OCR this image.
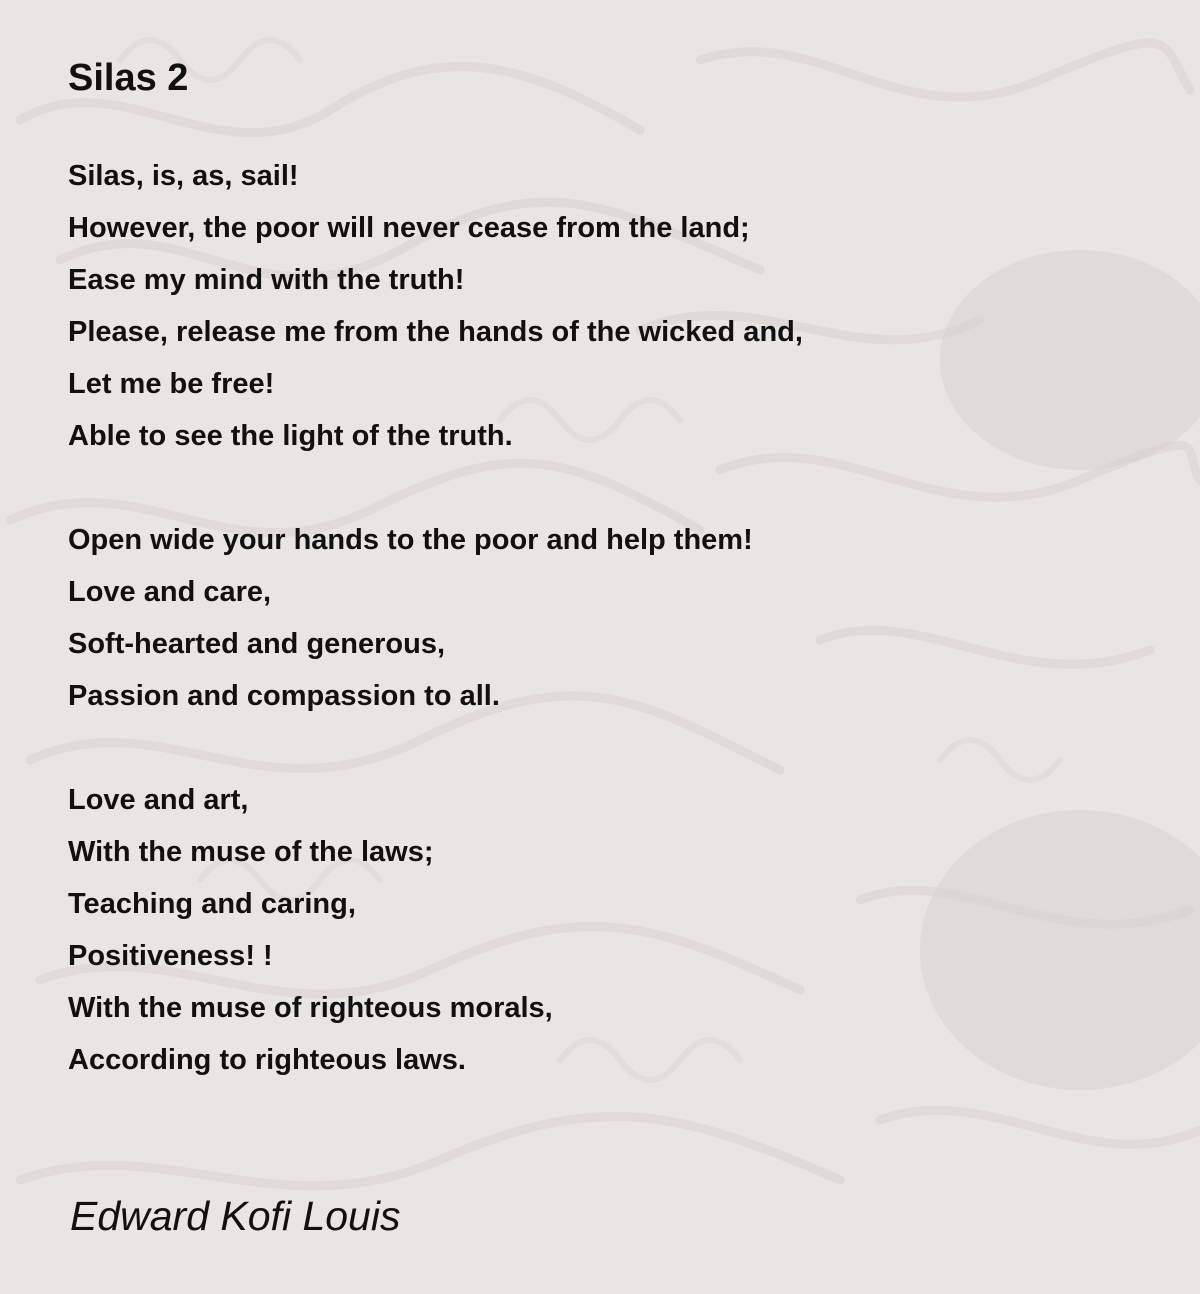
Silas 2
Silas, is, as, sail!
However, the poor will never cease from the land;
Ease my mind with the truth!
Please, release me from the hands of the wicked and,
Let me be free!
Able to see the light of the truth.
Open wide your hands to the poor and help them!
Love and care,
Soft-hearted and generous,
Passion and compassion to all.
Love and art,
With the muse of the laws;
Teaching and caring,
Positiveness! !
With the muse of righteous morals,
According to righteous laws.
Edward Kofi Louis
